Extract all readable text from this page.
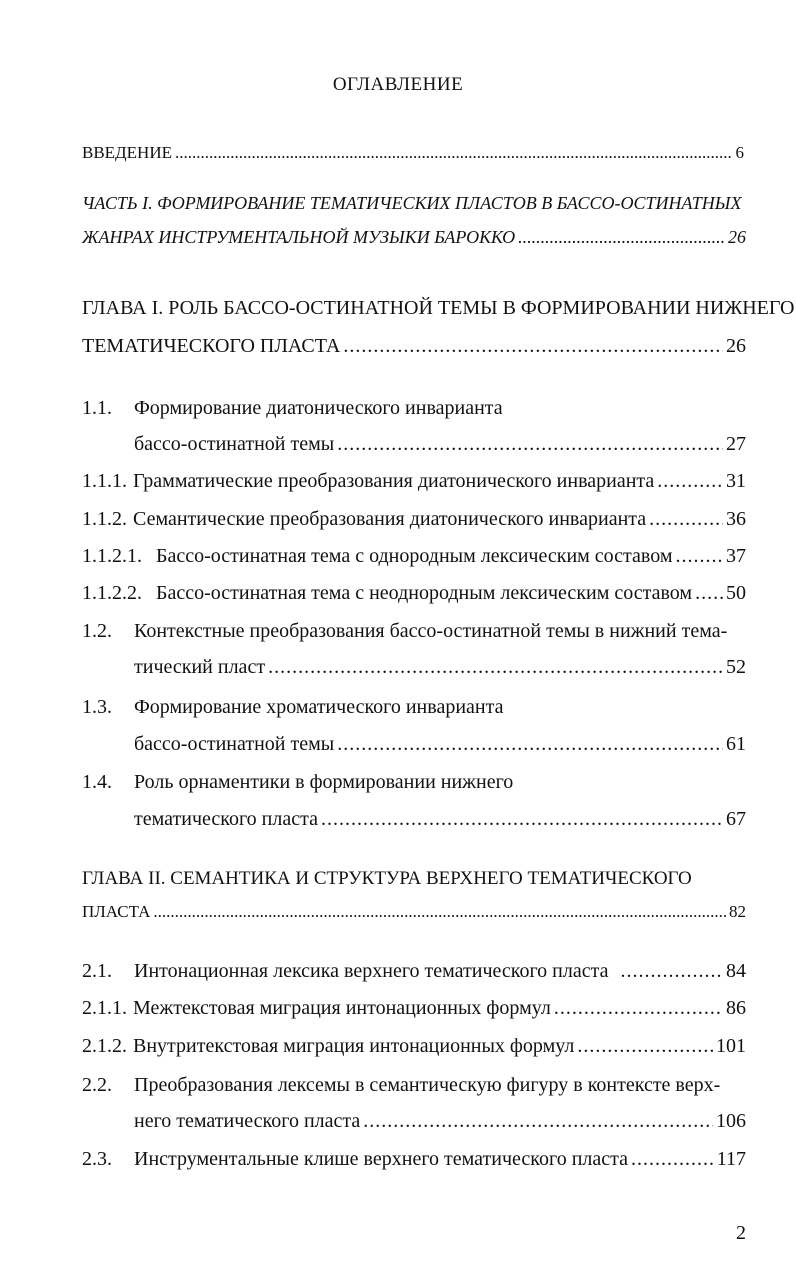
ОГЛАВЛЕНИЕ
ВВЕДЕНИЕ .....	6
ЧАСТЬ I. ФОРМИРОВАНИЕ ТЕМАТИЧЕСКИХ ПЛАСТОВ В БАССО-ОСТИНАТНЫХ
ЖАНРАХ ИНСТРУМЕНТАЛЬНОЙ МУЗЫКИ БАРОККО .....	26
ГЛАВА I. РОЛЬ БАССО-ОСТИНАТНОЙ ТЕМЫ В ФОРМИРОВАНИИ НИЖНЕГО
ТЕМАТИЧЕСКОГО ПЛАСТА .....	26
1.1. Формирование диатонического инварианта
бассо-остинатной темы .....	27
1.1.1. Грамматические преобразования диатонического инварианта .....	31
1.1.2. Семантические преобразования диатонического инварианта .....	36
1.1.2.1. Бассо-остинатная тема с однородным лексическим составом .....	37
1.1.2.2. Бассо-остинатная тема с неоднородным лексическим составом ..... 50
1.2. Контекстные преобразования бассо-остинатной темы в нижний тема-
тический пласт .....	52
1.3. Формирование хроматического инварианта
бассо-остинатной темы .....	61
1.4. Роль орнаментики в формировании нижнего
тематического пласта .....	67
ГЛАВА II. СЕМАНТИКА И СТРУКТУРА ВЕРХНЕГО ТЕМАТИЧЕСКОГО
ПЛАСТА .....	82
2.1.	Интонационная лексика верхнего тематического пласта .....	84
2.1.1. Межтекстовая миграция интонационных формул .....	86
2.1.2. Внутритекстовая миграция интонационных формул .....	101
2.2. Преобразования лексемы в семантическую фигуру в контексте верх-
него тематического пласта .....	106
2.3.	Инструментальные клише верхнего тематического пласта .....	117
2
